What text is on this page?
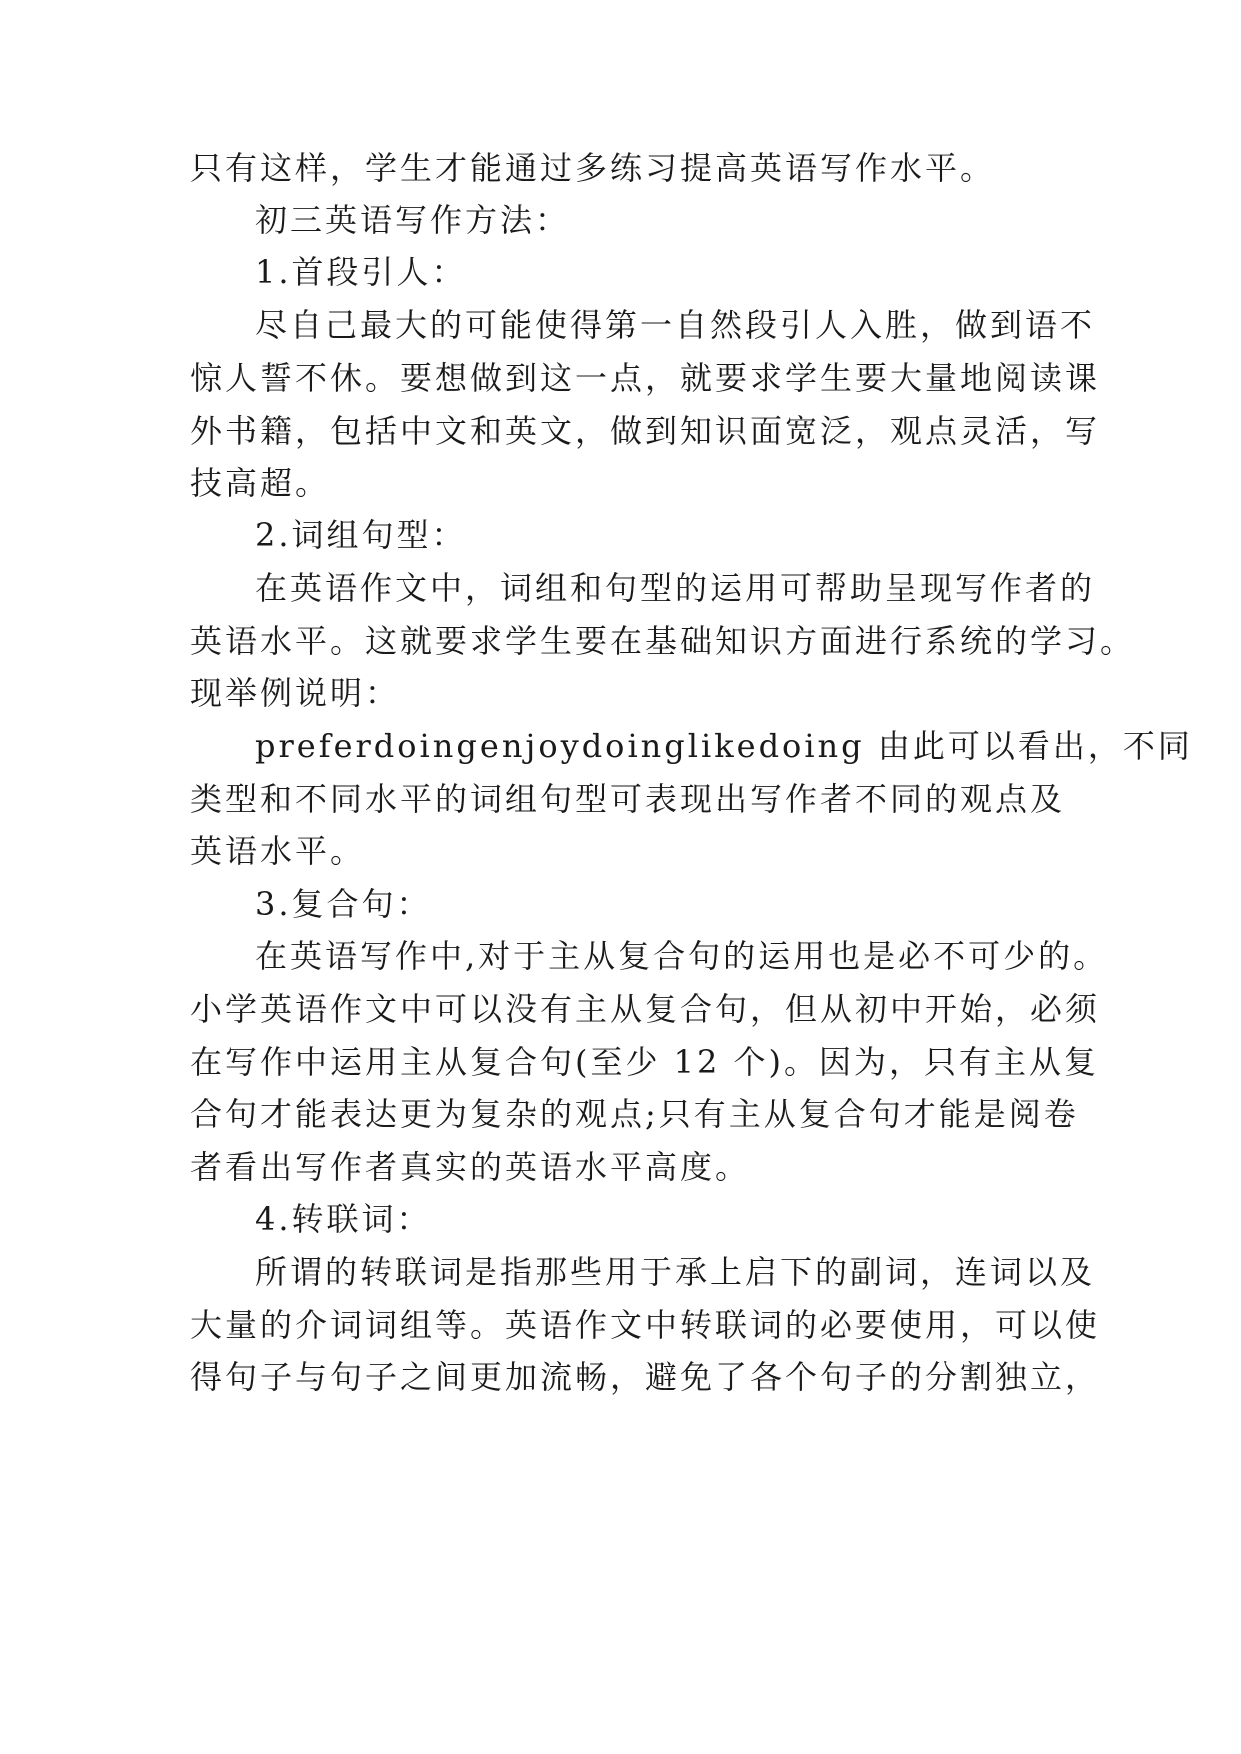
只有这样，学生才能通过多练习提高英语写作水平。
初三英语写作方法：
1.首段引人：
尽自己最大的可能使得第一自然段引人入胜，做到语不
惊人誓不休。要想做到这一点，就要求学生要大量地阅读课
外书籍，包括中文和英文，做到知识面宽泛，观点灵活，写
技高超。
2.词组句型：
在英语作文中，词组和句型的运用可帮助呈现写作者的
英语水平。这就要求学生要在基础知识方面进行系统的学习。
现举例说明：
preferdoingenjoydoinglikedoing 由此可以看出，不同
类型和不同水平的词组句型可表现出写作者不同的观点及
英语水平。
3.复合句：
在英语写作中,对于主从复合句的运用也是必不可少的。
小学英语作文中可以没有主从复合句，但从初中开始，必须
在写作中运用主从复合句(至少 12 个)。因为，只有主从复
合句才能表达更为复杂的观点;只有主从复合句才能是阅卷
者看出写作者真实的英语水平高度。
4.转联词：
所谓的转联词是指那些用于承上启下的副词，连词以及
大量的介词词组等。英语作文中转联词的必要使用，可以使
得句子与句子之间更加流畅，避免了各个句子的分割独立，
